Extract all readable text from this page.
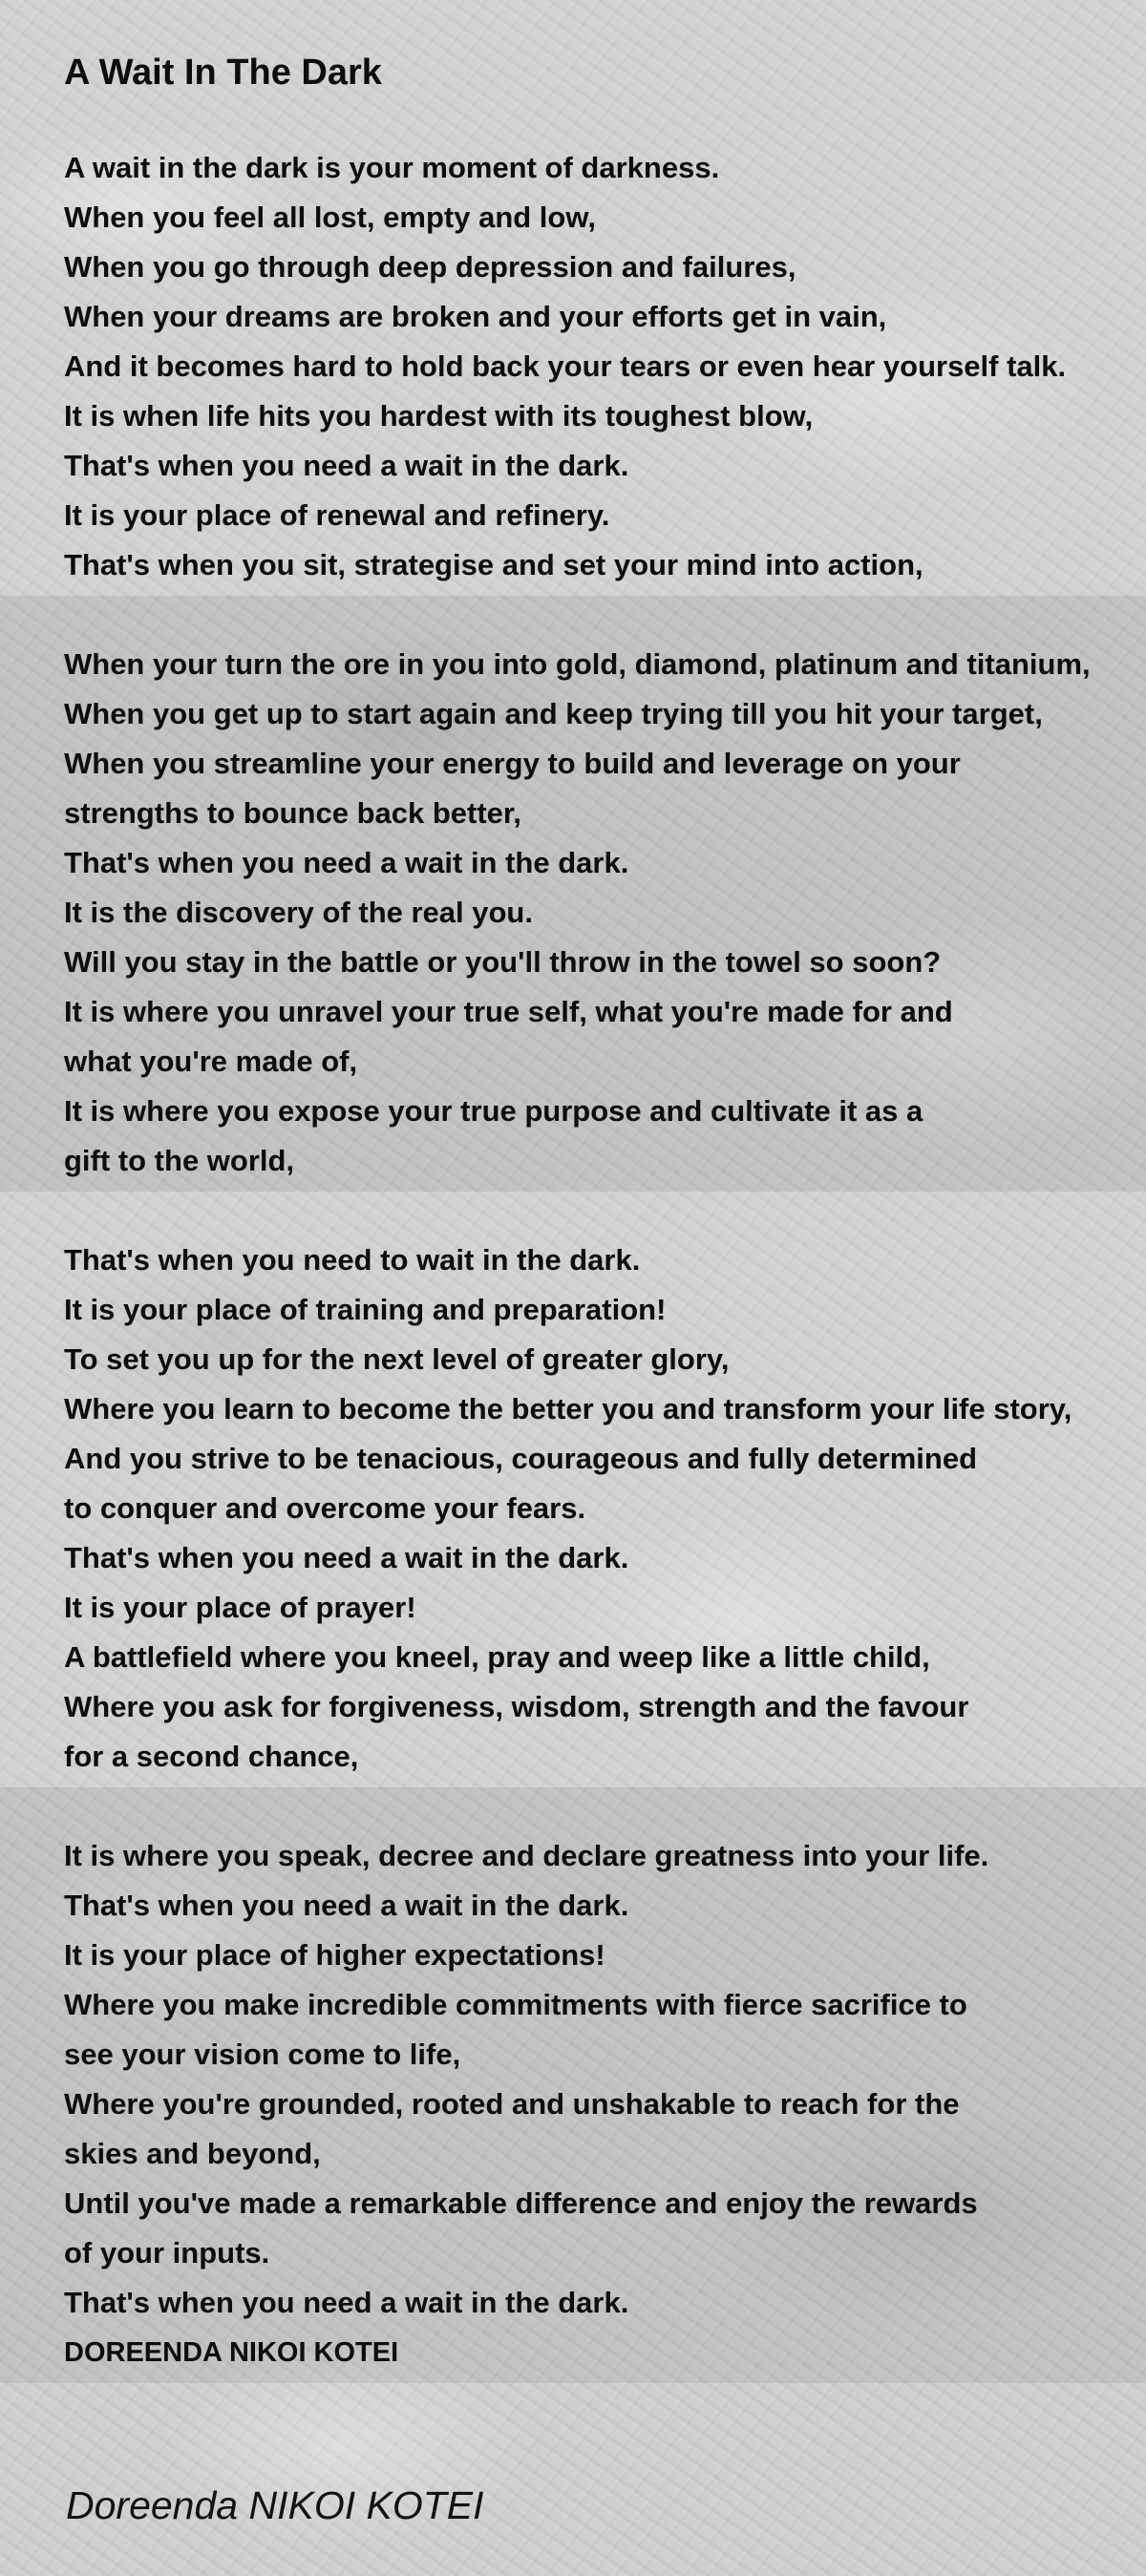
A Wait In The Dark
A wait in the dark is your moment of darkness.
When you feel all lost, empty and low,
When you go through deep depression and failures,
When your dreams are broken and your efforts get in vain,
And it becomes hard to hold back your tears or even hear yourself talk.
It is when life hits you hardest with its toughest blow,
That's when you need a wait in the dark.
It is your place of renewal and refinery.
That's when you sit, strategise and set your mind into action,
When your turn the ore in you into gold, diamond, platinum and titanium,
When you get up to start again and keep trying till you hit your target,
When you streamline your energy to build and leverage on your
strengths to bounce back better,
That's when you need a wait in the dark.
It is the discovery of the real you.
Will you stay in the battle or you'll throw in the towel so soon?
It is where you unravel your true self, what you're made for and
what you're made of,
It is where you expose your true purpose and cultivate it as a
gift to the world,
That's when you need to wait in the dark.
It is your place of training and preparation!
To set you up for the next level of greater glory,
Where you learn to become the better you and transform your life story,
And you strive to be tenacious, courageous and fully determined
to conquer and overcome your fears.
That's when you need a wait in the dark.
It is your place of prayer!
A battlefield where you kneel, pray and weep like a little child,
Where you ask for forgiveness, wisdom, strength and the favour
for a second chance,
It is where you speak, decree and declare greatness into your life.
That's when you need a wait in the dark.
It is your place of higher expectations!
Where you make incredible commitments with fierce sacrifice to
see your vision come to life,
Where you're grounded, rooted and unshakable to reach for the
skies and beyond,
Until you've made a remarkable difference and enjoy the rewards
of your inputs.
That's when you need a wait in the dark.
DOREENDA NIKOI KOTEI

Doreenda NIKOI KOTEI
